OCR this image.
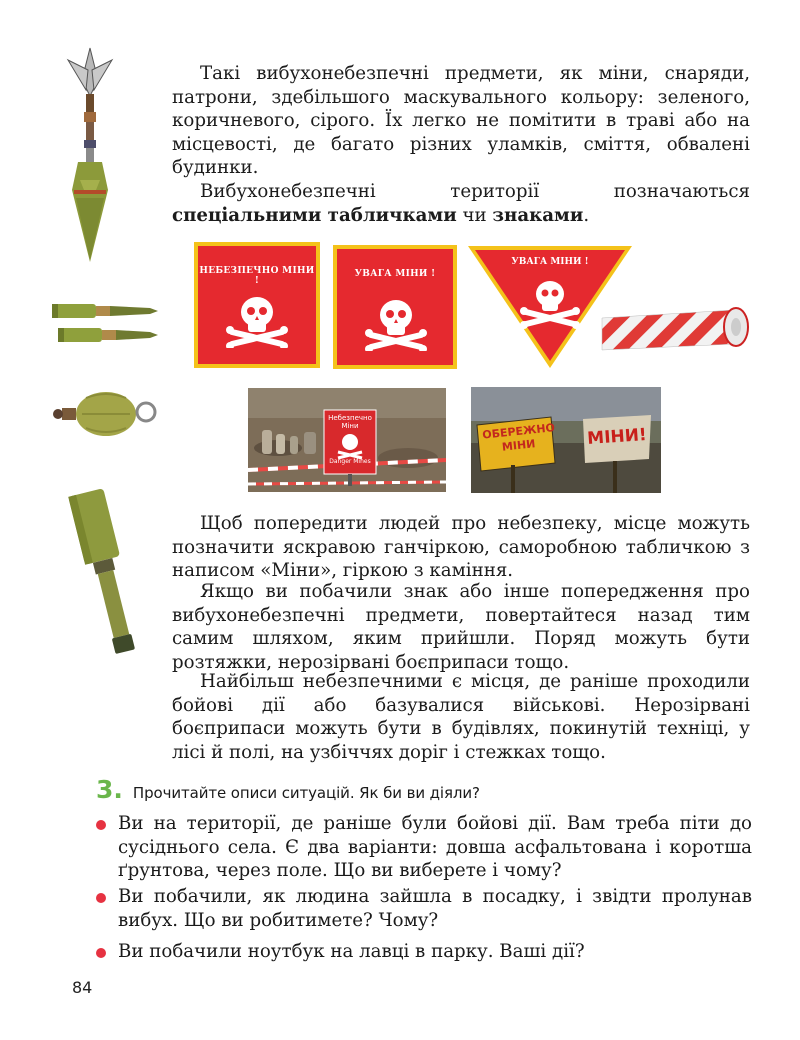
Такі вибухонебезпечні предмети, як міни, снаряди, патрони, здебільшого маскувального кольору: зеленого, коричневого, сірого. Їх легко не помітити в траві або на місцевості, де багато різних уламків, сміття, обвалені будинки.
Вибухонебезпечні території позначаються спеціальними табличками чи знаками.
НЕБЕЗПЕЧНО МІНИ !
УВАГА МІНИ !
УВАГА МІНИ !
Небезпечно Міни
Danger Mines
ОБЕРЕЖНО МІНИ	МІНИ!
Щоб попередити людей про небезпеку, місце можуть позначити яскравою ганчіркою, саморобною табличкою з написом «Міни», гіркою з каміння.
Якщо ви побачили знак або інше попередження про вибухонебезпечні предмети, повертайтеся назад тим самим шляхом, яким прийшли. Поряд можуть бути розтяжки, нерозірвані боєприпаси тощо.
Найбільш небезпечними є місця, де раніше проходили бойові дії або базувалися військові. Нерозірвані боєприпаси можуть бути в будівлях, покинутій техніці, у лісі й полі, на узбіччях доріг і стежках тощо.
3. Прочитайте описи ситуацій. Як би ви діяли?
Ви на території, де раніше були бойові дії. Вам треба піти до сусіднього села. Є два варіанти: довша асфальтована і коротша ґрунтова, через поле. Що ви виберете і чому?
Ви побачили, як людина зайшла в посадку, і звідти пролунав вибух. Що ви робитимете? Чому?
Ви побачили ноутбук на лавці в парку. Ваші дії?
84
